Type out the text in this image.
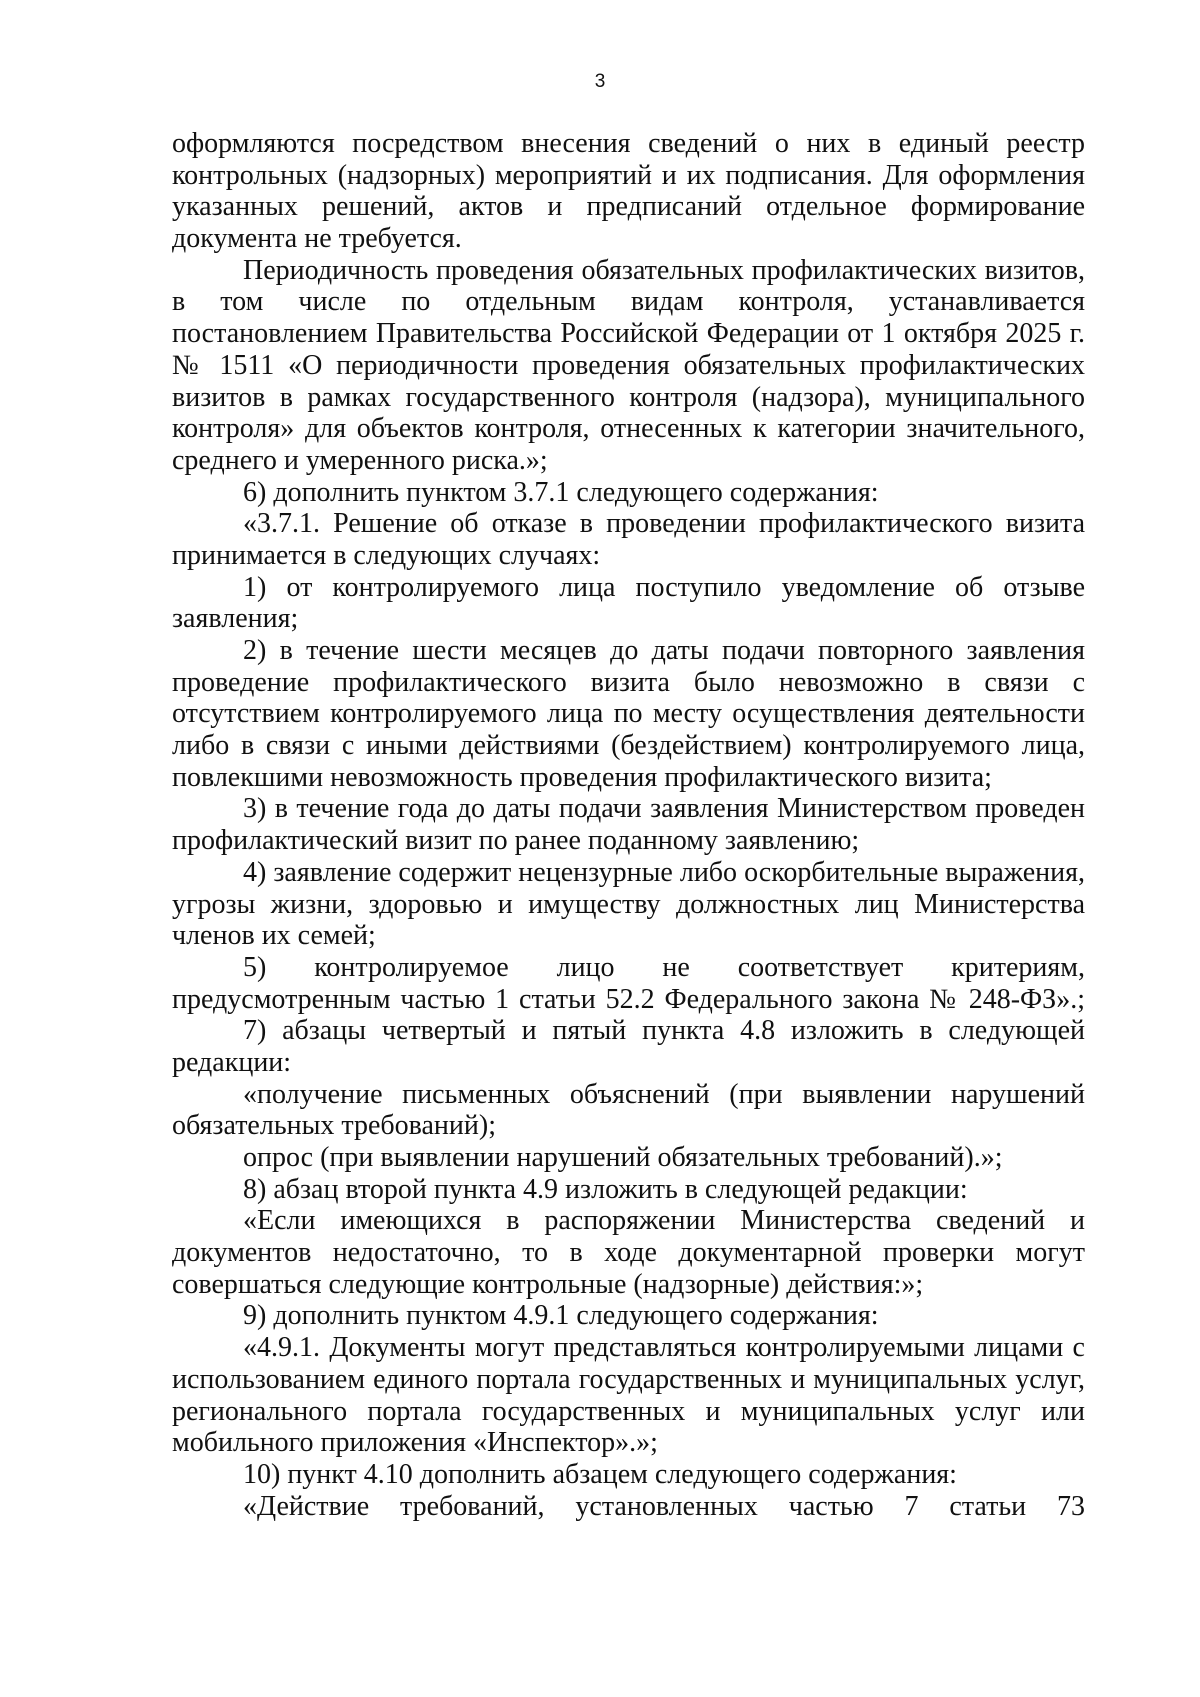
3
оформляются посредством внесения сведений о них в единый реестр
контрольных (надзорных) мероприятий и их подписания. Для оформления
указанных решений, актов и предписаний отдельное формирование
документа не требуется.
Периодичность проведения обязательных профилактических визитов,
в том числе по отдельным видам контроля, устанавливается
постановлением Правительства Российской Федерации от 1 октября 2025 г.
№ 1511 «О периодичности проведения обязательных профилактических
визитов в рамках государственного контроля (надзора), муниципального
контроля» для объектов контроля, отнесенных к категории значительного,
среднего и умеренного риска.»;
6) дополнить пунктом 3.7.1 следующего содержания:
«3.7.1. Решение об отказе в проведении профилактического визита
принимается в следующих случаях:
1) от контролируемого лица поступило уведомление об отзыве
заявления;
2) в течение шести месяцев до даты подачи повторного заявления
проведение профилактического визита было невозможно в связи с
отсутствием контролируемого лица по месту осуществления деятельности
либо в связи с иными действиями (бездействием) контролируемого лица,
повлекшими невозможность проведения профилактического визита;
3) в течение года до даты подачи заявления Министерством проведен
профилактический визит по ранее поданному заявлению;
4) заявление содержит нецензурные либо оскорбительные выражения,
угрозы жизни, здоровью и имуществу должностных лиц Министерства
членов их семей;
5) контролируемое лицо не соответствует критериям,
предусмотренным частью 1 статьи 52.2 Федерального закона № 248-ФЗ».;
7) абзацы четвертый и пятый пункта 4.8 изложить в следующей
редакции:
«получение письменных объяснений (при выявлении нарушений
обязательных требований);
опрос (при выявлении нарушений обязательных требований).»;
8) абзац второй пункта 4.9 изложить в следующей редакции:
«Если имеющихся в распоряжении Министерства сведений и
документов недостаточно, то в ходе документарной проверки могут
совершаться следующие контрольные (надзорные) действия:»;
9) дополнить пунктом 4.9.1 следующего содержания:
«4.9.1. Документы могут представляться контролируемыми лицами с
использованием единого портала государственных и муниципальных услуг,
регионального портала государственных и муниципальных услуг или
мобильного приложения «Инспектор».»;
10) пункт 4.10 дополнить абзацем следующего содержания:
«Действие требований, установленных частью 7 статьи 73
